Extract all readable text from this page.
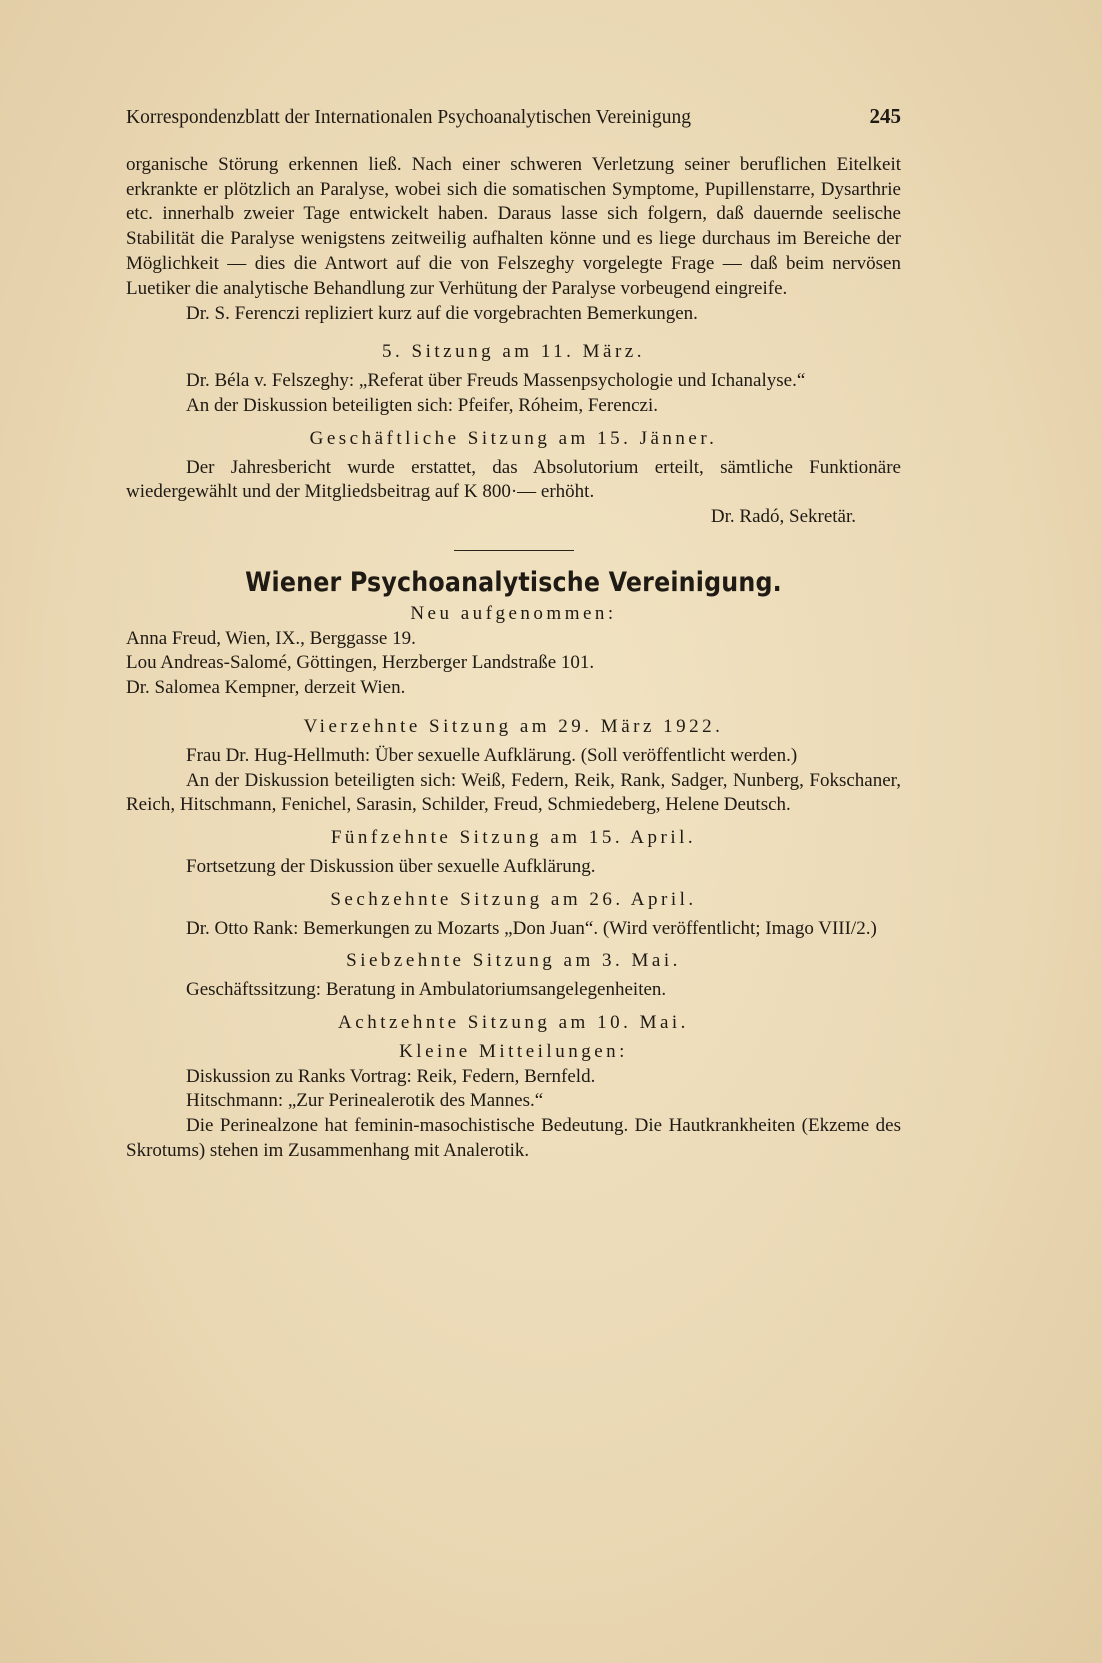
Korrespondenzblatt der Internationalen Psychoanalytischen Vereinigung	245

organische Störung erkennen ließ. Nach einer schweren Verletzung seiner beruflichen Eitelkeit erkrankte er plötzlich an Paralyse, wobei sich die somatischen Symptome, Pupillenstarre, Dysarthrie etc. innerhalb zweier Tage entwickelt haben. Daraus lasse sich folgern, daß dauernde seelische Stabilität die Paralyse wenigstens zeitweilig aufhalten könne und es liege durchaus im Bereiche der Möglichkeit — dies die Antwort auf die von Felszeghy vorgelegte Frage — daß beim nervösen Luetiker die analytische Behandlung zur Verhütung der Paralyse vorbeugend eingreife.

Dr. S. Ferenczi repliziert kurz auf die vorgebrachten Bemerkungen.

5. Sitzung am 11. März.

Dr. Béla v. Felszeghy: „Referat über Freuds Massenpsychologie und Ichanalyse.“

An der Diskussion beteiligten sich: Pfeifer, Róheim, Ferenczi.

Geschäftliche Sitzung am 15. Jänner.

Der Jahresbericht wurde erstattet, das Absolutorium erteilt, sämtliche Funktionäre wiedergewählt und der Mitgliedsbeitrag auf K 800·— erhöht.

Dr. Radó, Sekretär.

Wiener Psychoanalytische Vereinigung.

Neu aufgenommen:

Anna Freud, Wien, IX., Berggasse 19.

Lou Andreas-Salomé, Göttingen, Herzberger Landstraße 101.

Dr. Salomea Kempner, derzeit Wien.

Vierzehnte Sitzung am 29. März 1922.

Frau Dr. Hug-Hellmuth: Über sexuelle Aufklärung. (Soll veröffentlicht werden.)

An der Diskussion beteiligten sich: Weiß, Federn, Reik, Rank, Sadger, Nunberg, Fokschaner, Reich, Hitschmann, Fenichel, Sarasin, Schilder, Freud, Schmiedeberg, Helene Deutsch.

Fünfzehnte Sitzung am 15. April.

Fortsetzung der Diskussion über sexuelle Aufklärung.

Sechzehnte Sitzung am 26. April.

Dr. Otto Rank: Bemerkungen zu Mozarts „Don Juan“. (Wird veröffentlicht; Imago VIII/2.)

Siebzehnte Sitzung am 3. Mai.

Geschäftssitzung: Beratung in Ambulatoriumsangelegenheiten.

Achtzehnte Sitzung am 10. Mai.

Kleine Mitteilungen:

Diskussion zu Ranks Vortrag: Reik, Federn, Bernfeld.

Hitschmann: „Zur Perinealerotik des Mannes.“

Die Perinealzone hat feminin-masochistische Bedeutung. Die Hautkrankheiten (Ekzeme des Skrotums) stehen im Zusammenhang mit Analerotik.
